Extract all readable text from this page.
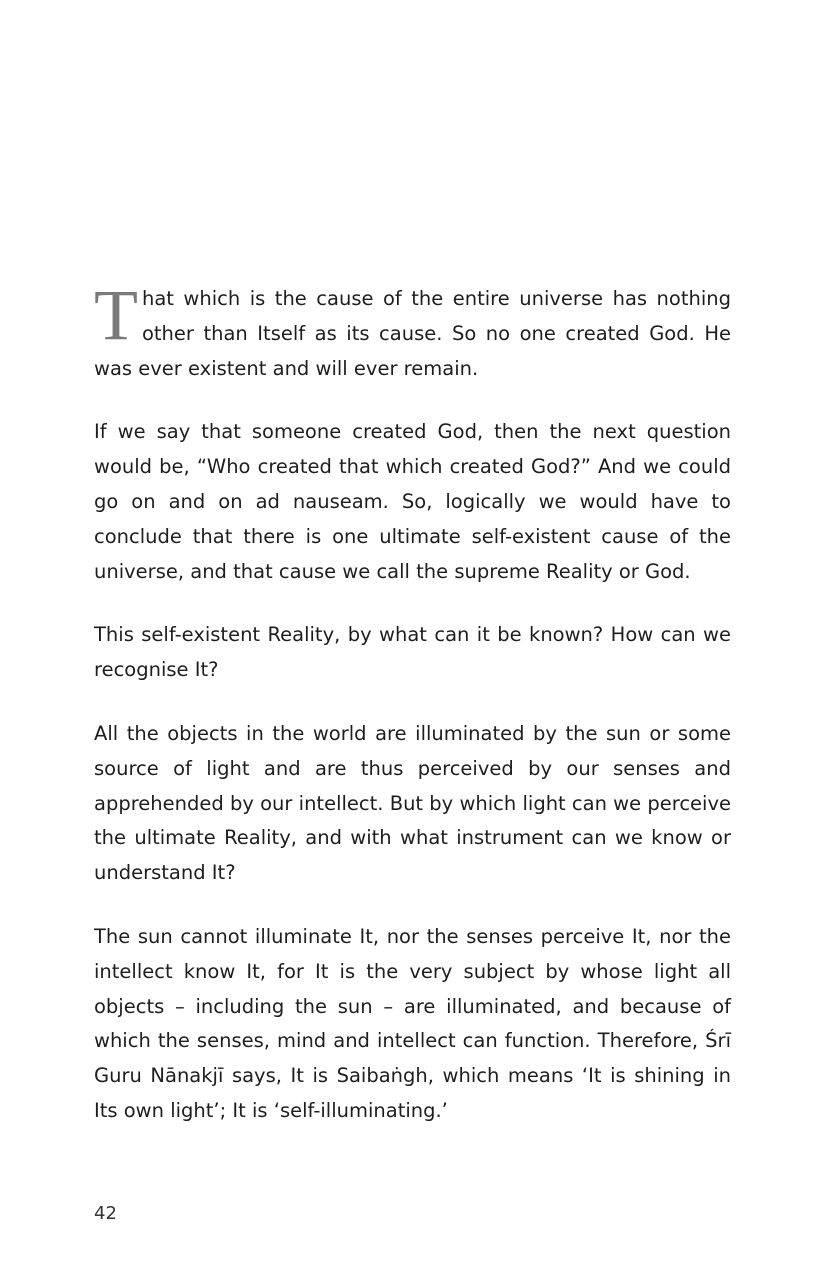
That which is the cause of the entire universe has nothing other than Itself as its cause. So no one created God. He was ever existent and will ever remain.

If we say that someone created God, then the next question would be, “Who created that which created God?” And we could go on and on ad nauseam. So, logically we would have to conclude that there is one ultimate self-existent cause of the universe, and that cause we call the supreme Reality or God.

This self-existent Reality, by what can it be known? How can we recognise It?

All the objects in the world are illuminated by the sun or some source of light and are thus perceived by our senses and apprehended by our intellect. But by which light can we perceive the ultimate Reality, and with what instrument can we know or understand It?

The sun cannot illuminate It, nor the senses perceive It, nor the intellect know It, for It is the very subject by whose light all objects – including the sun – are illuminated, and because of which the senses, mind and intellect can function. Therefore, Śrī Guru Nānakjī says, It is Saibaṅgh, which means ‘It is shining in Its own light’; It is ‘self-illuminating.’

42
